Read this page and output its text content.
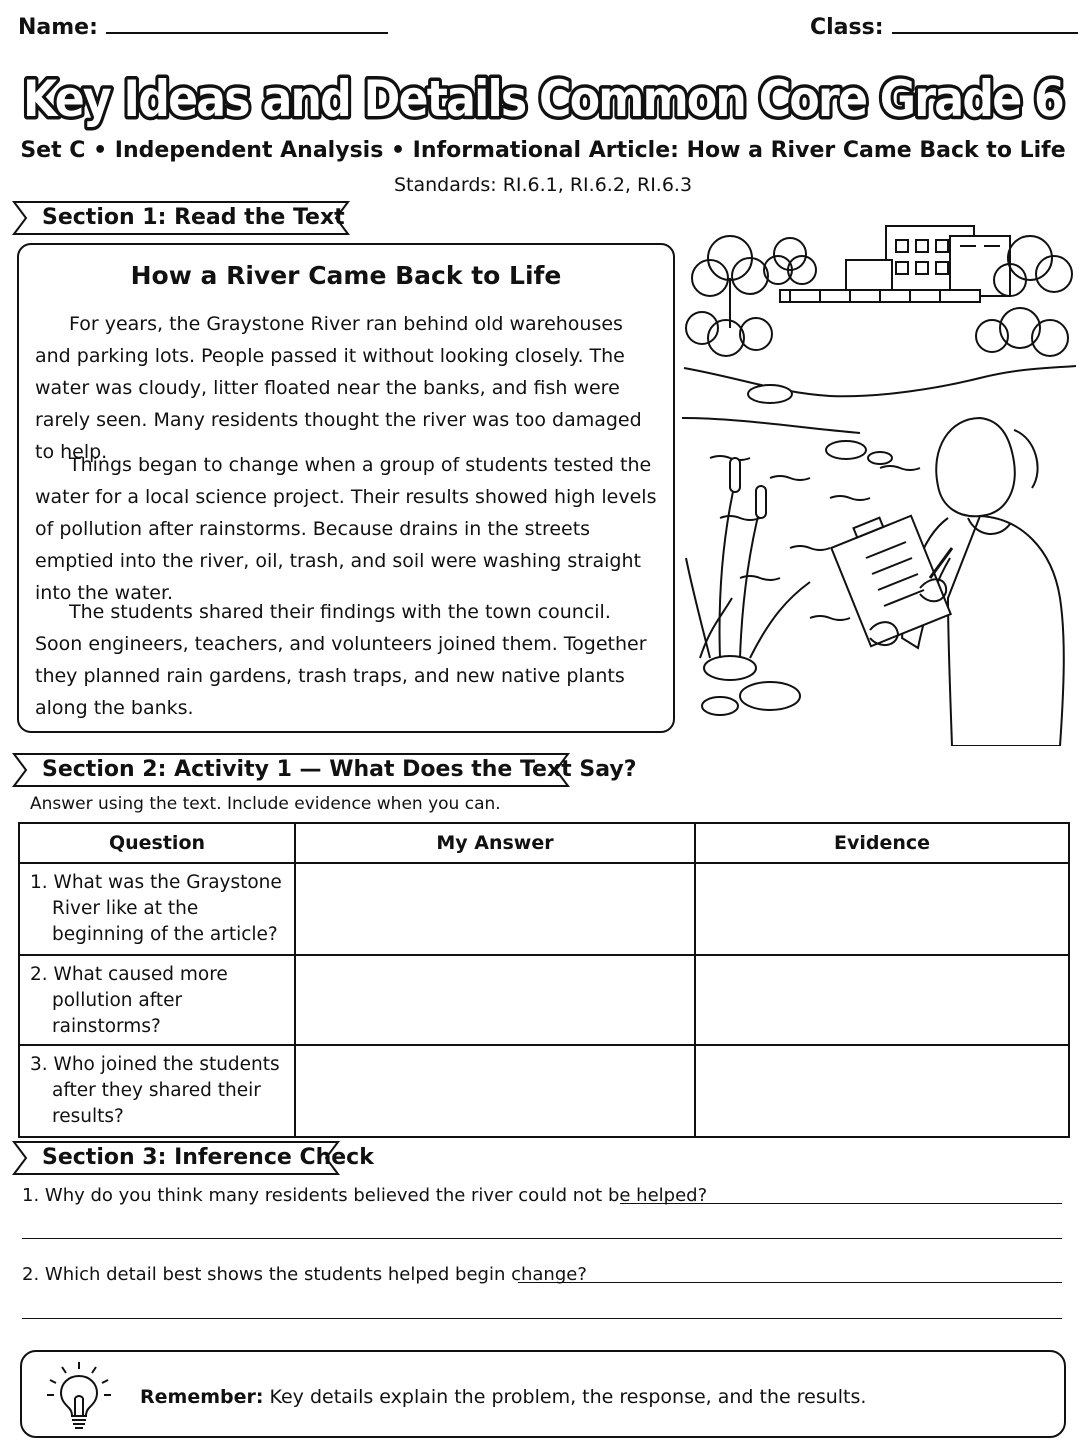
Name:	Class:
Key Ideas and Details Common Core Grade 6
Set C • Independent Analysis • Informational Article: How a River Came Back to Life
Standards: RI.6.1, RI.6.2, RI.6.3
Section 1: Read the Text
How a River Came Back to Life

For years, the Graystone River ran behind old warehouses and parking lots. People passed it without looking closely. The water was cloudy, litter floated near the banks, and fish were rarely seen. Many residents thought the river was too damaged to help.

Things began to change when a group of students tested the water for a local science project. Their results showed high levels of pollution after rainstorms. Because drains in the streets emptied into the river, oil, trash, and soil were washing straight into the water.

The students shared their findings with the town council. Soon engineers, teachers, and volunteers joined them. Together they planned rain gardens, trash traps, and new native plants along the banks.

Section 2: Activity 1 — What Does the Text Say?
Answer using the text. Include evidence when you can.
Question	My Answer	Evidence
1. What was the Graystone River like at the beginning of the article?		
2. What caused more pollution after rainstorms?		
3. Who joined the students after they shared their results?		
Section 3: Inference Check
1. Why do you think many residents believed the river could not be helped?
2. Which detail best shows the students helped begin change?
Remember: Key details explain the problem, the response, and the results.
